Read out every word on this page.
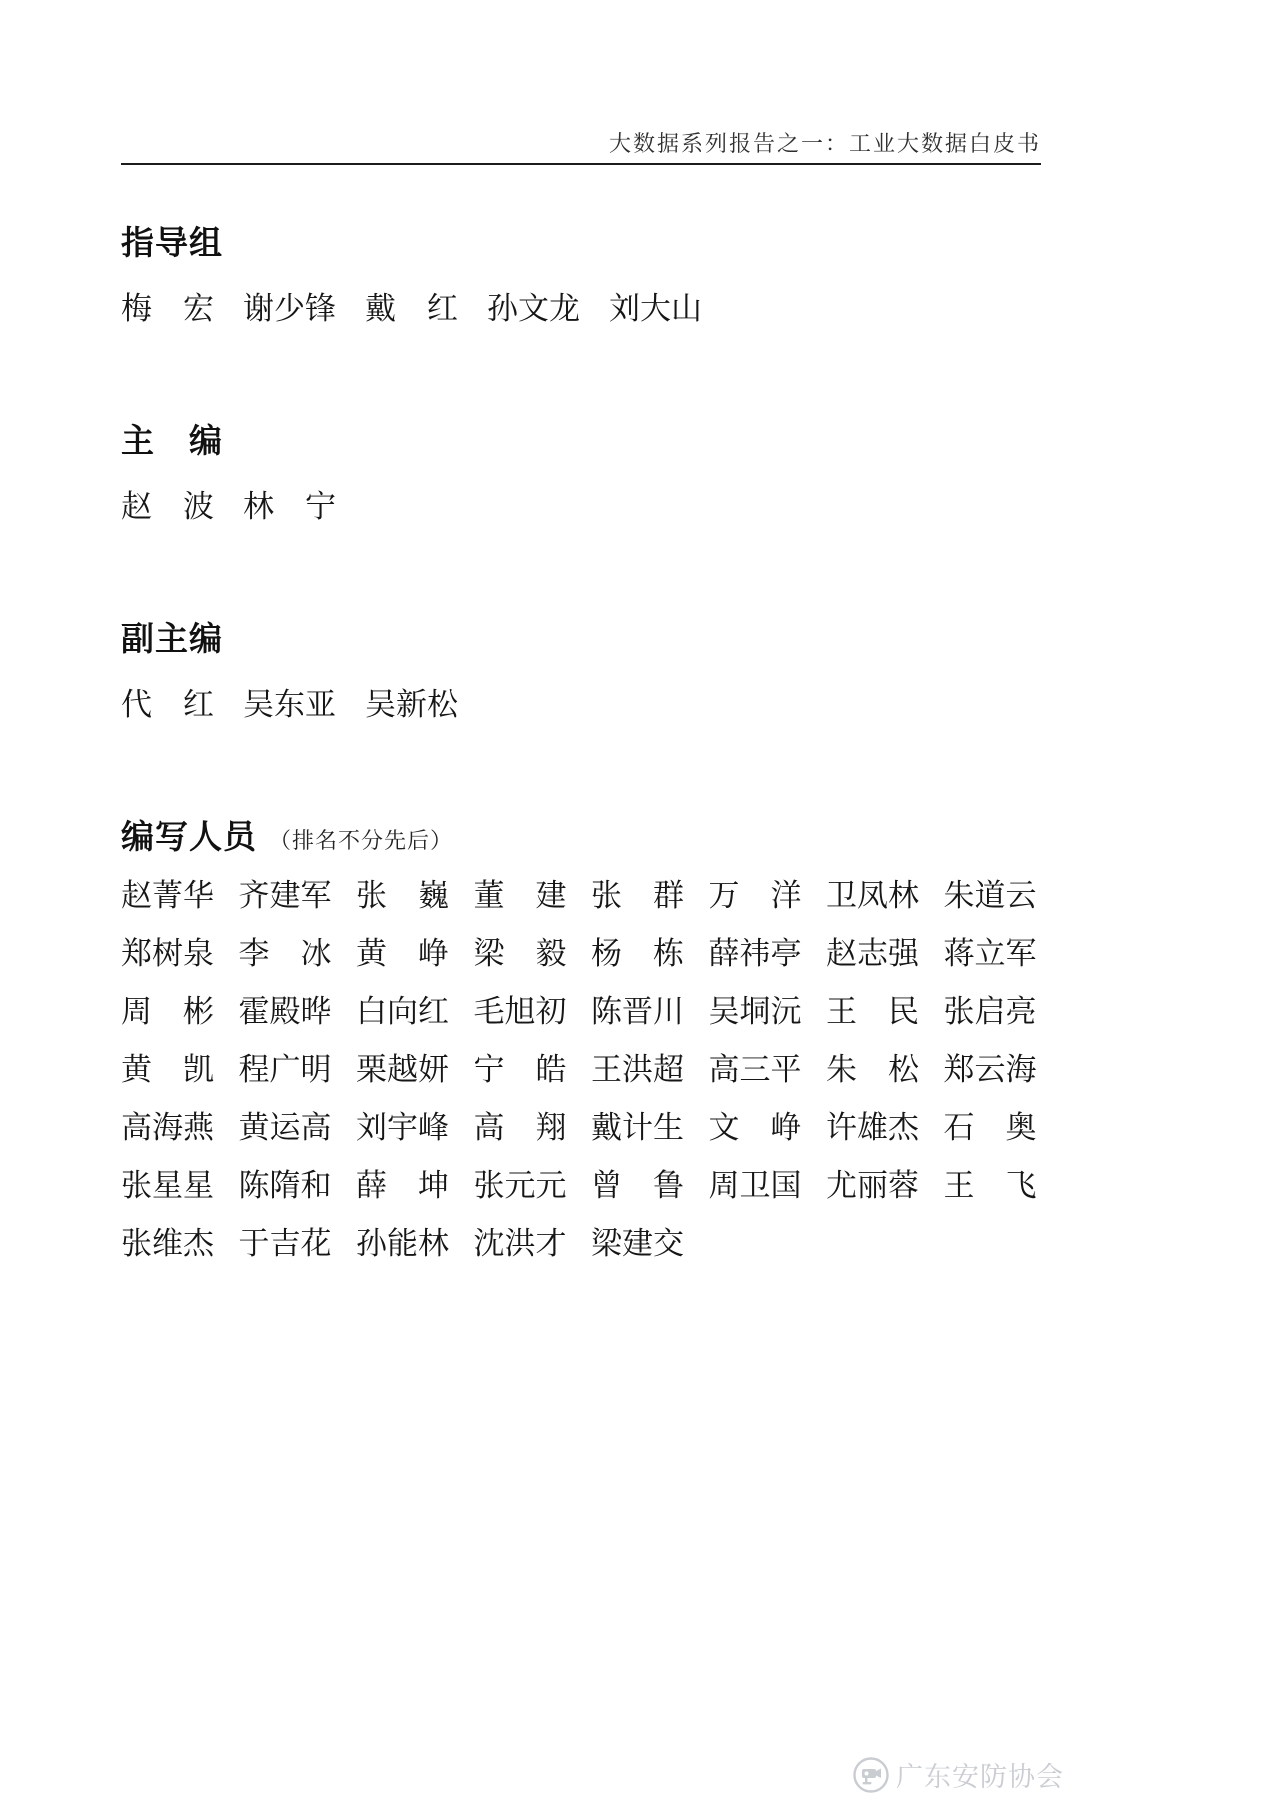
大数据系列报告之一：工业大数据白皮书
指导组
梅　宏 谢少锋 戴　红 孙文龙 刘大山
主　编
赵　波 林　宁
副主编
代　红 吴东亚 吴新松
编写人员 （排名不分先后）
赵菁华 齐建军 张　巍 董　建 张　群 万　洋 卫凤林 朱道云
郑树泉 李　冰 黄　峥 梁　毅 杨　栋 薛祎亭 赵志强 蒋立军
周　彬 霍殿晔 白向红 毛旭初 陈晋川 吴垌沅 王　民 张启亮
黄　凯 程广明 栗越妍 宁　皓 王洪超 高三平 朱　松 郑云海
高海燕 黄运高 刘宇峰 高　翔 戴计生 文　峥 许雄杰 石　奥
张星星 陈隋和 薛　坤 张元元 曾　鲁 周卫国 尤丽蓉 王　飞
张维杰 于吉花 孙能林 沈洪才 梁建交
广东安防协会
